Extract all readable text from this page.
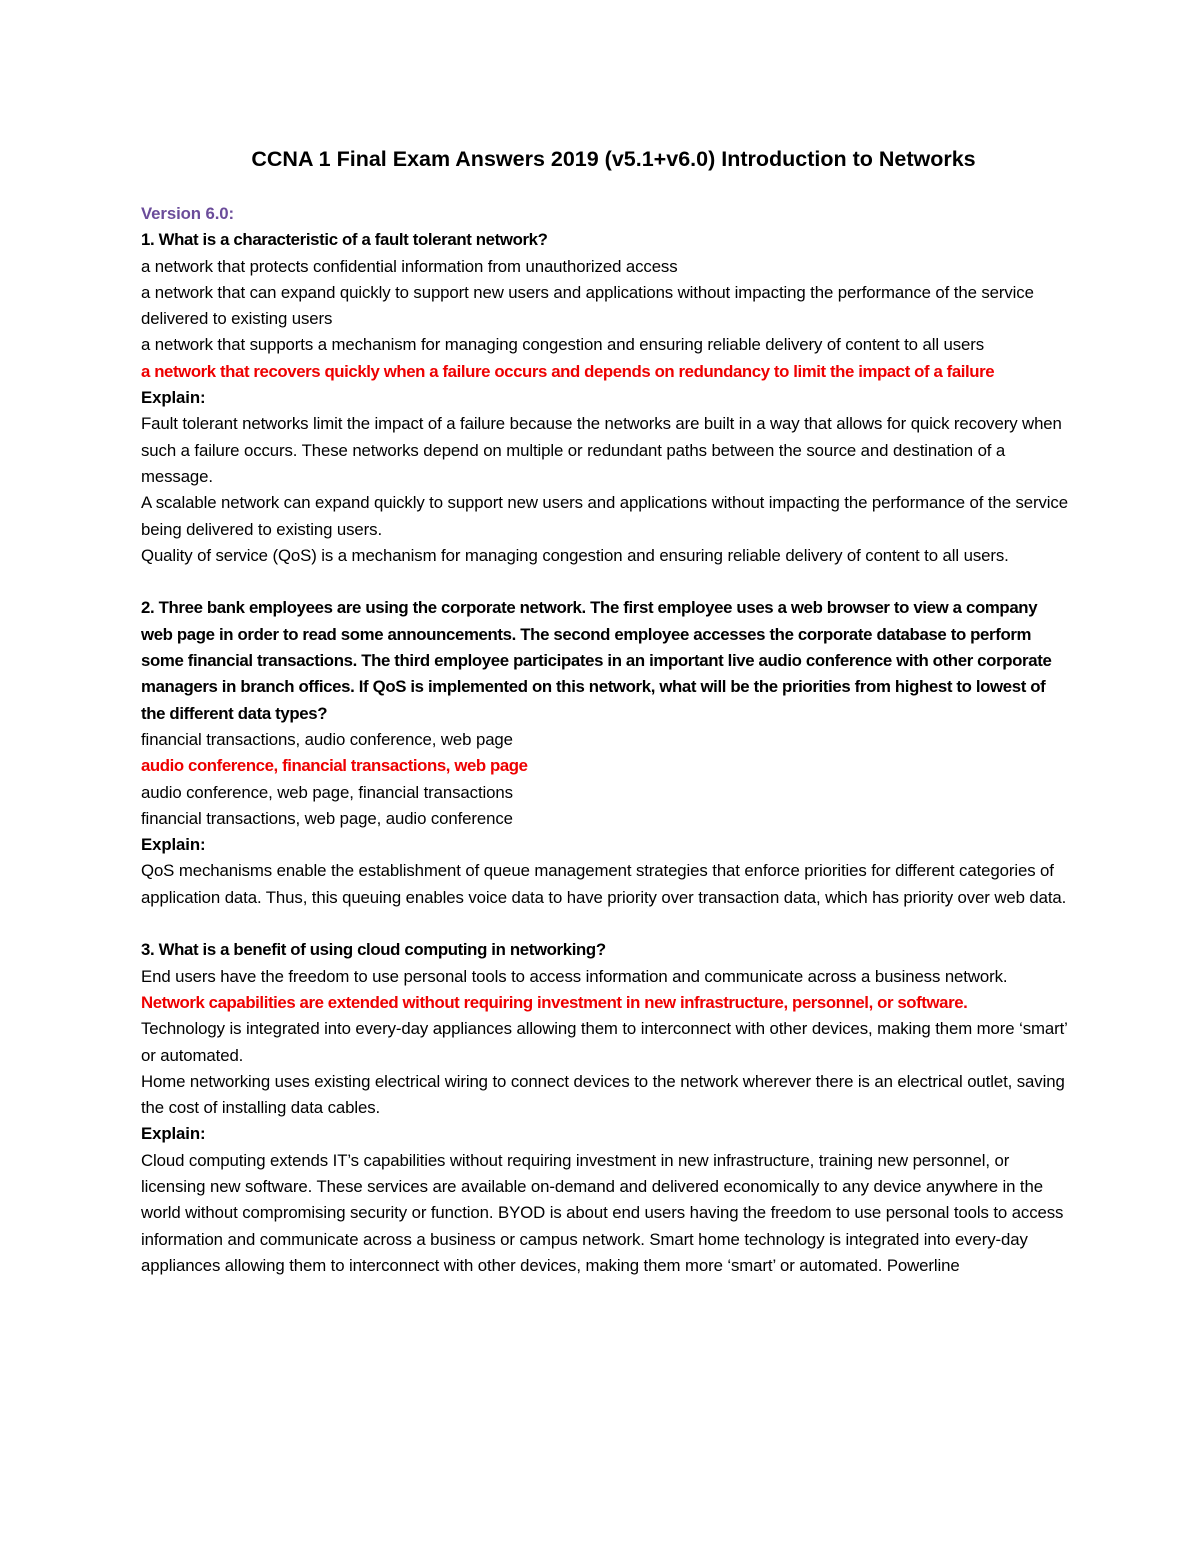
CCNA 1 Final Exam Answers 2019 (v5.1+v6.0) Introduction to Networks

Version 6.0:

1. What is a characteristic of a fault tolerant network?

a network that protects confidential information from unauthorized access

a network that can expand quickly to support new users and applications without impacting the performance of the service delivered to existing users

a network that supports a mechanism for managing congestion and ensuring reliable delivery of content to all users

a network that recovers quickly when a failure occurs and depends on redundancy to limit the impact of a failure

Explain:

Fault tolerant networks limit the impact of a failure because the networks are built in a way that allows for quick recovery when such a failure occurs. These networks depend on multiple or redundant paths between the source and destination of a message.

A scalable network can expand quickly to support new users and applications without impacting the performance of the service being delivered to existing users.

Quality of service (QoS) is a mechanism for managing congestion and ensuring reliable delivery of content to all users.

2. Three bank employees are using the corporate network. The first employee uses a web browser to view a company web page in order to read some announcements. The second employee accesses the corporate database to perform some financial transactions. The third employee participates in an important live audio conference with other corporate managers in branch offices. If QoS is implemented on this network, what will be the priorities from highest to lowest of the different data types?

financial transactions, audio conference, web page

audio conference, financial transactions, web page

audio conference, web page, financial transactions

financial transactions, web page, audio conference

Explain:

QoS mechanisms enable the establishment of queue management strategies that enforce priorities for different categories of application data. Thus, this queuing enables voice data to have priority over transaction data, which has priority over web data.

3. What is a benefit of using cloud computing in networking?

End users have the freedom to use personal tools to access information and communicate across a business network.

Network capabilities are extended without requiring investment in new infrastructure, personnel, or software.

Technology is integrated into every-day appliances allowing them to interconnect with other devices, making them more ‘smart’ or automated.

Home networking uses existing electrical wiring to connect devices to the network wherever there is an electrical outlet, saving the cost of installing data cables.

Explain:

Cloud computing extends IT’s capabilities without requiring investment in new infrastructure, training new personnel, or licensing new software. These services are available on-demand and delivered economically to any device anywhere in the world without compromising security or function. BYOD is about end users having the freedom to use personal tools to access information and communicate across a business or campus network. Smart home technology is integrated into every-day appliances allowing them to interconnect with other devices, making them more ‘smart’ or automated. Powerline
